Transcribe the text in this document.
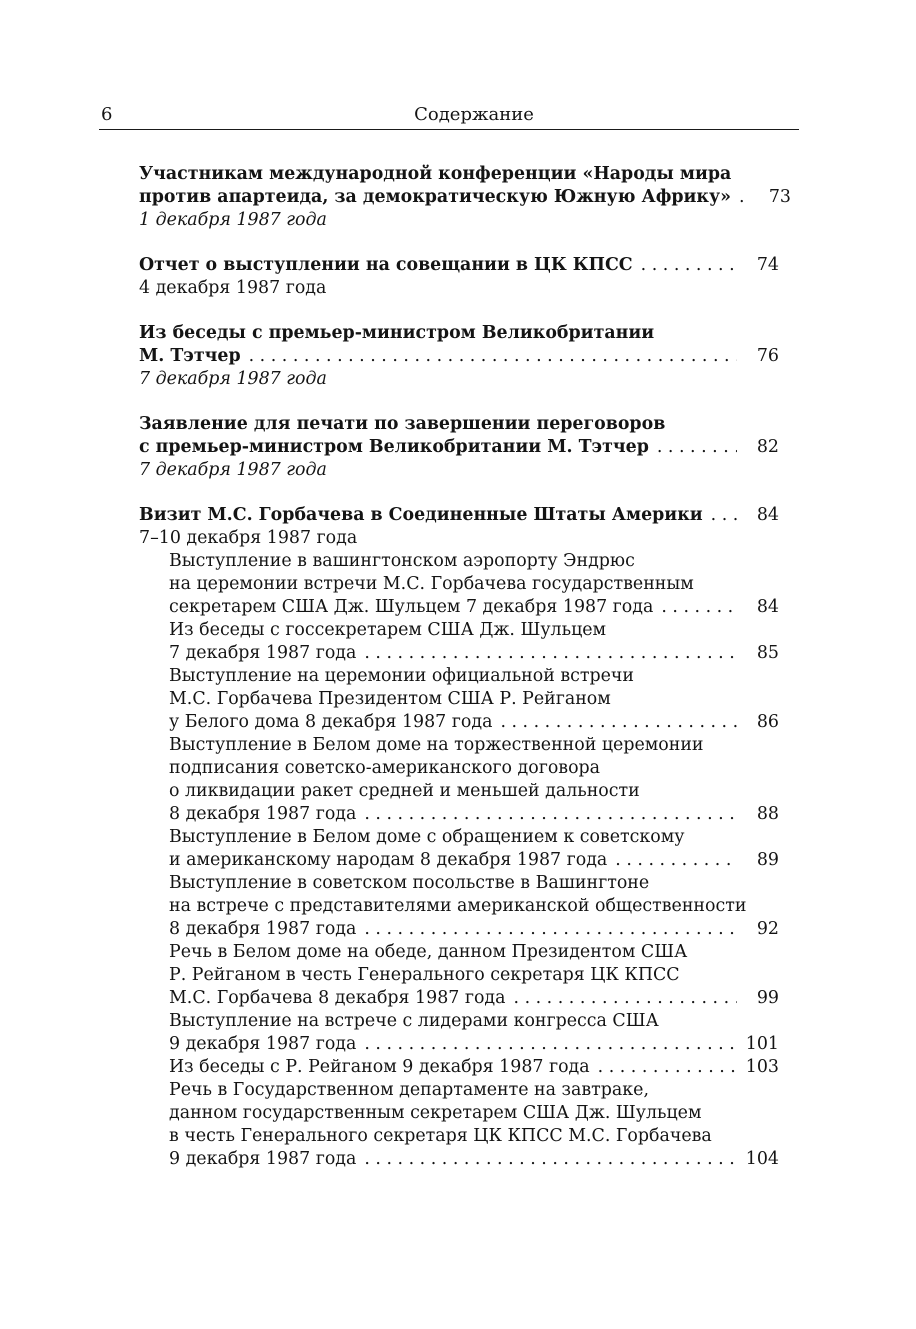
6	Содержание
Участникам международной конференции «Народы мира
против апартеида, за демократическую Южную Африку» . . .	73
1 декабря 1987 года
Отчет о выступлении на совещании в ЦК КПСС . . .	74
4 декабря 1987 года
Из беседы с премьер-министром Великобритании
М. Тэтчер . . .	76
7 декабря 1987 года
Заявление для печати по завершении переговоров
с премьер-министром Великобритании М. Тэтчер . . .	82
7 декабря 1987 года
Визит М.С. Горбачева в Соединенные Штаты Америки . . .	84
7–10 декабря 1987 года
Выступление в вашингтонском аэропорту Эндрюс
на церемонии встречи М.С. Горбачева государственным
секретарем США Дж. Шульцем 7 декабря 1987 года . . .	84
Из беседы с госсекретарем США Дж. Шульцем
7 декабря 1987 года . . .	85
Выступление на церемонии официальной встречи
М.С. Горбачева Президентом США Р. Рейганом
у Белого дома 8 декабря 1987 года . . .	86
Выступление в Белом доме на торжественной церемонии
подписания советско-американского договора
о ликвидации ракет средней и меньшей дальности
8 декабря 1987 года . . .	88
Выступление в Белом доме с обращением к советскому
и американскому народам 8 декабря 1987 года . . .	89
Выступление в советском посольстве в Вашингтоне
на встрече с представителями американской общественности
8 декабря 1987 года . . .	92
Речь в Белом доме на обеде, данном Президентом США
Р. Рейганом в честь Генерального секретаря ЦК КПСС
М.С. Горбачева 8 декабря 1987 года . . .	99
Выступление на встрече с лидерами конгресса США
9 декабря 1987 года . . .	101
Из беседы с Р. Рейганом 9 декабря 1987 года . . .	103
Речь в Государственном департаменте на завтраке,
данном государственным секретарем США Дж. Шульцем
в честь Генерального секретаря ЦК КПСС М.С. Горбачева
9 декабря 1987 года . . .	104
